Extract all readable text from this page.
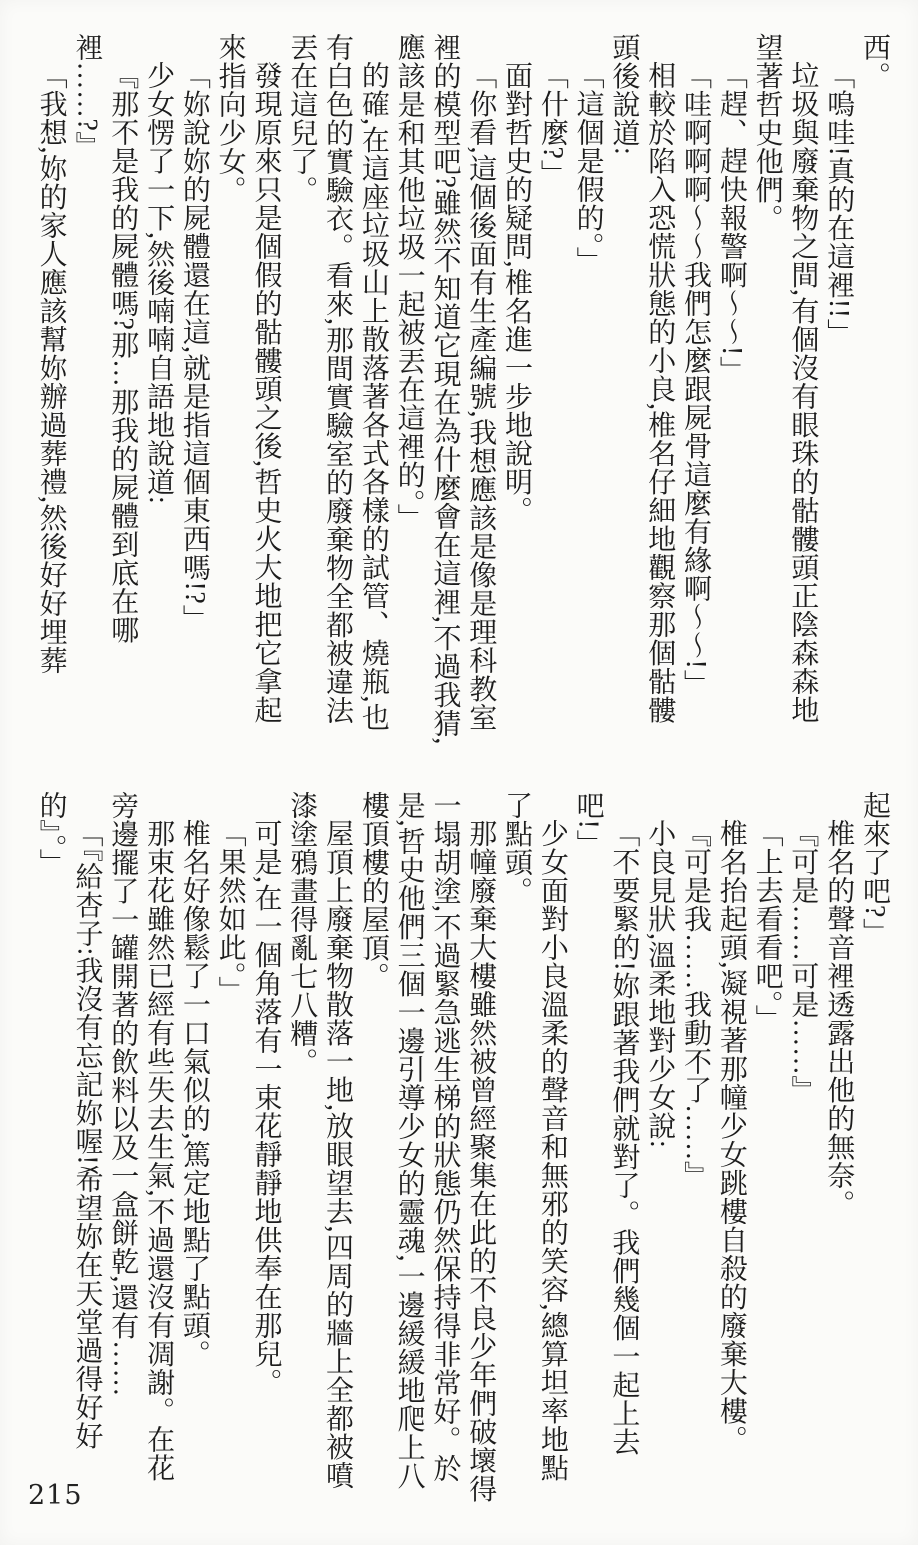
西。

「嗚哇!真的在這裡!!」

垃圾與廢棄物之間,有個沒有眼珠的骷髏頭正陰森森地望著哲史他們。

「趕、趕快報警啊〜〜!」

「哇啊啊啊〜〜我們怎麼跟屍骨這麼有緣啊〜〜!」

相較於陷入恐慌狀態的小良,椎名仔細地觀察那個骷髏頭後說道:

「這個是假的。」

「什麼?」

面對哲史的疑問,椎名進一步地說明。

「你看,這個後面有生產編號,我想應該是像是理科教室裡的模型吧?雖然不知道它現在為什麼會在這裡,不過我猜,應該是和其他垃圾一起被丟在這裡的。」

的確,在這座垃圾山上散落著各式各樣的試管、燒瓶,也有白色的實驗衣。看來,那間實驗室的廢棄物全都被違法丟在這兒了。

發現原來只是個假的骷髏頭之後,哲史火大地把它拿起來指向少女。

「妳說妳的屍體還在這,就是指這個東西嗎!?」

少女愣了一下,然後喃喃自語地說道:

『那不是我的屍體嗎?那…那我的屍體到底在哪裡……?』

「我想,妳的家人應該幫妳辦過葬禮,然後好好埋葬

起來了吧?」

椎名的聲音裡透露出他的無奈。

『可是……可是……』

「上去看看吧。」

椎名抬起頭,凝視著那幢少女跳樓自殺的廢棄大樓。

『可是我……我動不了……』

小良見狀,溫柔地對少女說:

「不要緊的!妳跟著我們就對了。我們幾個一起上去吧!」

少女面對小良溫柔的聲音和無邪的笑容,總算坦率地點了點頭。

那幢廢棄大樓雖然被曾經聚集在此的不良少年們破壞得一塌胡塗,不過緊急逃生梯的狀態仍然保持得非常好。於是,哲史他們三個一邊引導少女的靈魂,一邊緩緩地爬上八樓頂樓的屋頂。

屋頂上廢棄物散落一地,放眼望去,四周的牆上全都被噴漆塗鴉畫得亂七八糟。

可是,在一個角落有一束花靜靜地供奉在那兒。

「果然如此。」

椎名好像鬆了一口氣似的,篤定地點了點頭。

那束花雖然已經有些失去生氣,不過還沒有凋謝。在花旁邊擺了一罐開著的飲料以及一盒餅乾,還有……

「『給杏子:我沒有忘記妳喔!希望妳在天堂過得好好的』。」

215
